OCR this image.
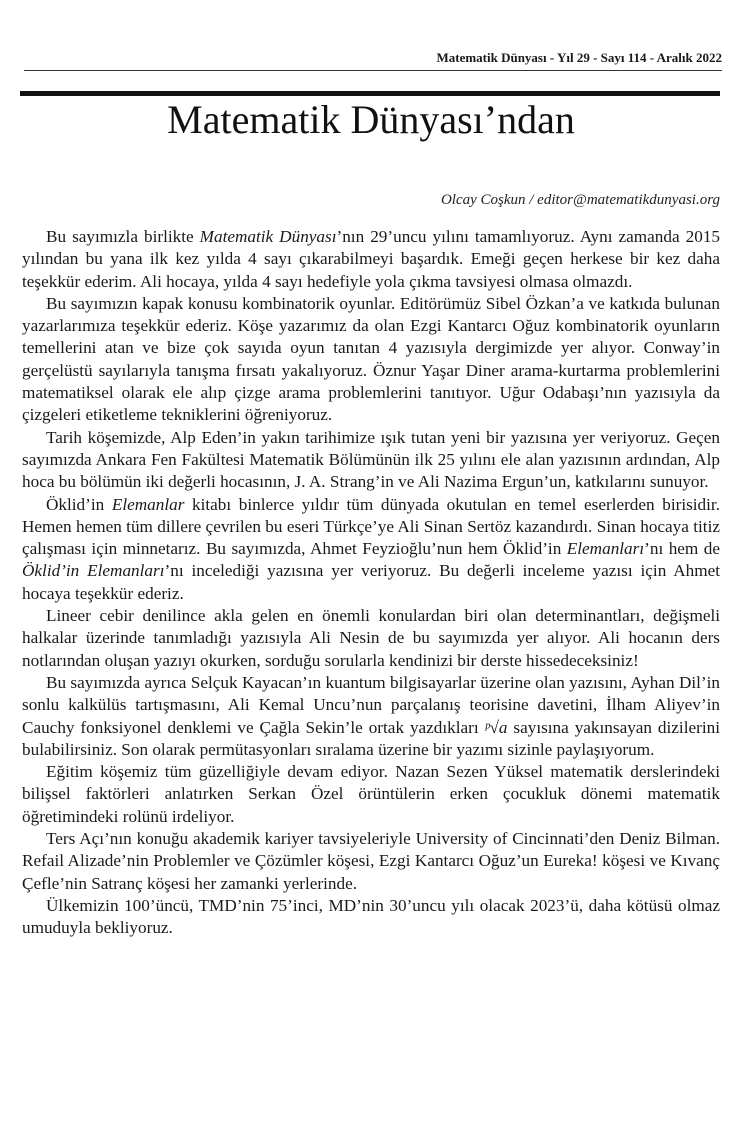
Matematik Dünyası - Yıl 29 - Sayı 114 - Aralık 2022
Matematik Dünyası’ndan
Olcay Coşkun / editor@matematikdunyasi.org

Bu sayımızla birlikte Matematik Dünyası’nın 29’uncu yılını tamamlıyoruz. Aynı zamanda 2015 yılından bu yana ilk kez yılda 4 sayı çıkarabilmeyi başardık. Emeği geçen herkese bir kez daha teşekkür ederim. Ali hocaya, yılda 4 sayı hedefiyle yola çıkma tavsiyesi olmasa olmazdı.

Bu sayımızın kapak konusu kombinatorik oyunlar. Editörümüz Sibel Özkan’a ve katkıda bulunan yazarlarımıza teşekkür ederiz. Köşe yazarımız da olan Ezgi Kantarcı Oğuz kombinatorik oyunların temellerini atan ve bize çok sayıda oyun tanıtan 4 yazısıyla dergimizde yer alıyor. Conway’in gerçelüstü sayılarıyla tanışma fırsatı yakalıyoruz. Öznur Yaşar Diner arama-kurtarma problemlerini matematiksel olarak ele alıp çizge arama problemlerini tanıtıyor. Uğur Odabaşı’nın yazısıyla da çizgeleri etiketleme tekniklerini öğreniyoruz.

Tarih köşemizde, Alp Eden’in yakın tarihimize ışık tutan yeni bir yazısına yer veriyoruz. Geçen sayımızda Ankara Fen Fakültesi Matematik Bölümünün ilk 25 yılını ele alan yazısının ardından, Alp hoca bu bölümün iki değerli hocasının, J. A. Strang’in ve Ali Nazima Ergun’un, katkılarını sunuyor.

Öklid’in Elemanlar kitabı binlerce yıldır tüm dünyada okutulan en temel eserlerden birisidir. Hemen hemen tüm dillere çevrilen bu eseri Türkçe’ye Ali Sinan Sertöz kazandırdı. Sinan hocaya titiz çalışması için minnetarız. Bu sayımızda, Ahmet Feyzioğlu’nun hem Öklid’in Elemanları’nı hem de Öklid’in Elemanları’nı incelediği yazısına yer veriyoruz. Bu değerli inceleme yazısı için Ahmet hocaya teşekkür ederiz.

Lineer cebir denilince akla gelen en önemli konulardan biri olan determinantları, değişmeli halkalar üzerinde tanımladığı yazısıyla Ali Nesin de bu sayımızda yer alıyor. Ali hocanın ders notlarından oluşan yazıyı okurken, sorduğu sorularla kendinizi bir derste hissedeceksiniz!

Bu sayımızda ayrıca Selçuk Kayacan’ın kuantum bilgisayarlar üzerine olan yazısını, Ayhan Dil’in sonlu kalkülüs tartışmasını, Ali Kemal Uncu’nun parçalanış teorisine davetini, İlham Aliyev’in Cauchy fonksiyonel denklemi ve Çağla Sekin’le ortak yazdıkları ᵖ√a sayısına yakınsayan dizilerini bulabilirsiniz. Son olarak permütasyonları sıralama üzerine bir yazımı sizinle paylaşıyorum.

Eğitim köşemiz tüm güzelliğiyle devam ediyor. Nazan Sezen Yüksel matematik derslerindeki bilişsel faktörleri anlatırken Serkan Özel örüntülerin erken çocukluk dönemi matematik öğretimindeki rolünü irdeliyor.

Ters Açı’nın konuğu akademik kariyer tavsiyeleriyle University of Cincinnati’den Deniz Bilman. Refail Alizade’nin Problemler ve Çözümler köşesi, Ezgi Kantarcı Oğuz’un Eureka! köşesi ve Kıvanç Çefle’nin Satranç köşesi her zamanki yerlerinde.

Ülkemizin 100’üncü, TMD’nin 75’inci, MD’nin 30’uncu yılı olacak 2023’ü, daha kötüsü olmaz umuduyla bekliyoruz.
